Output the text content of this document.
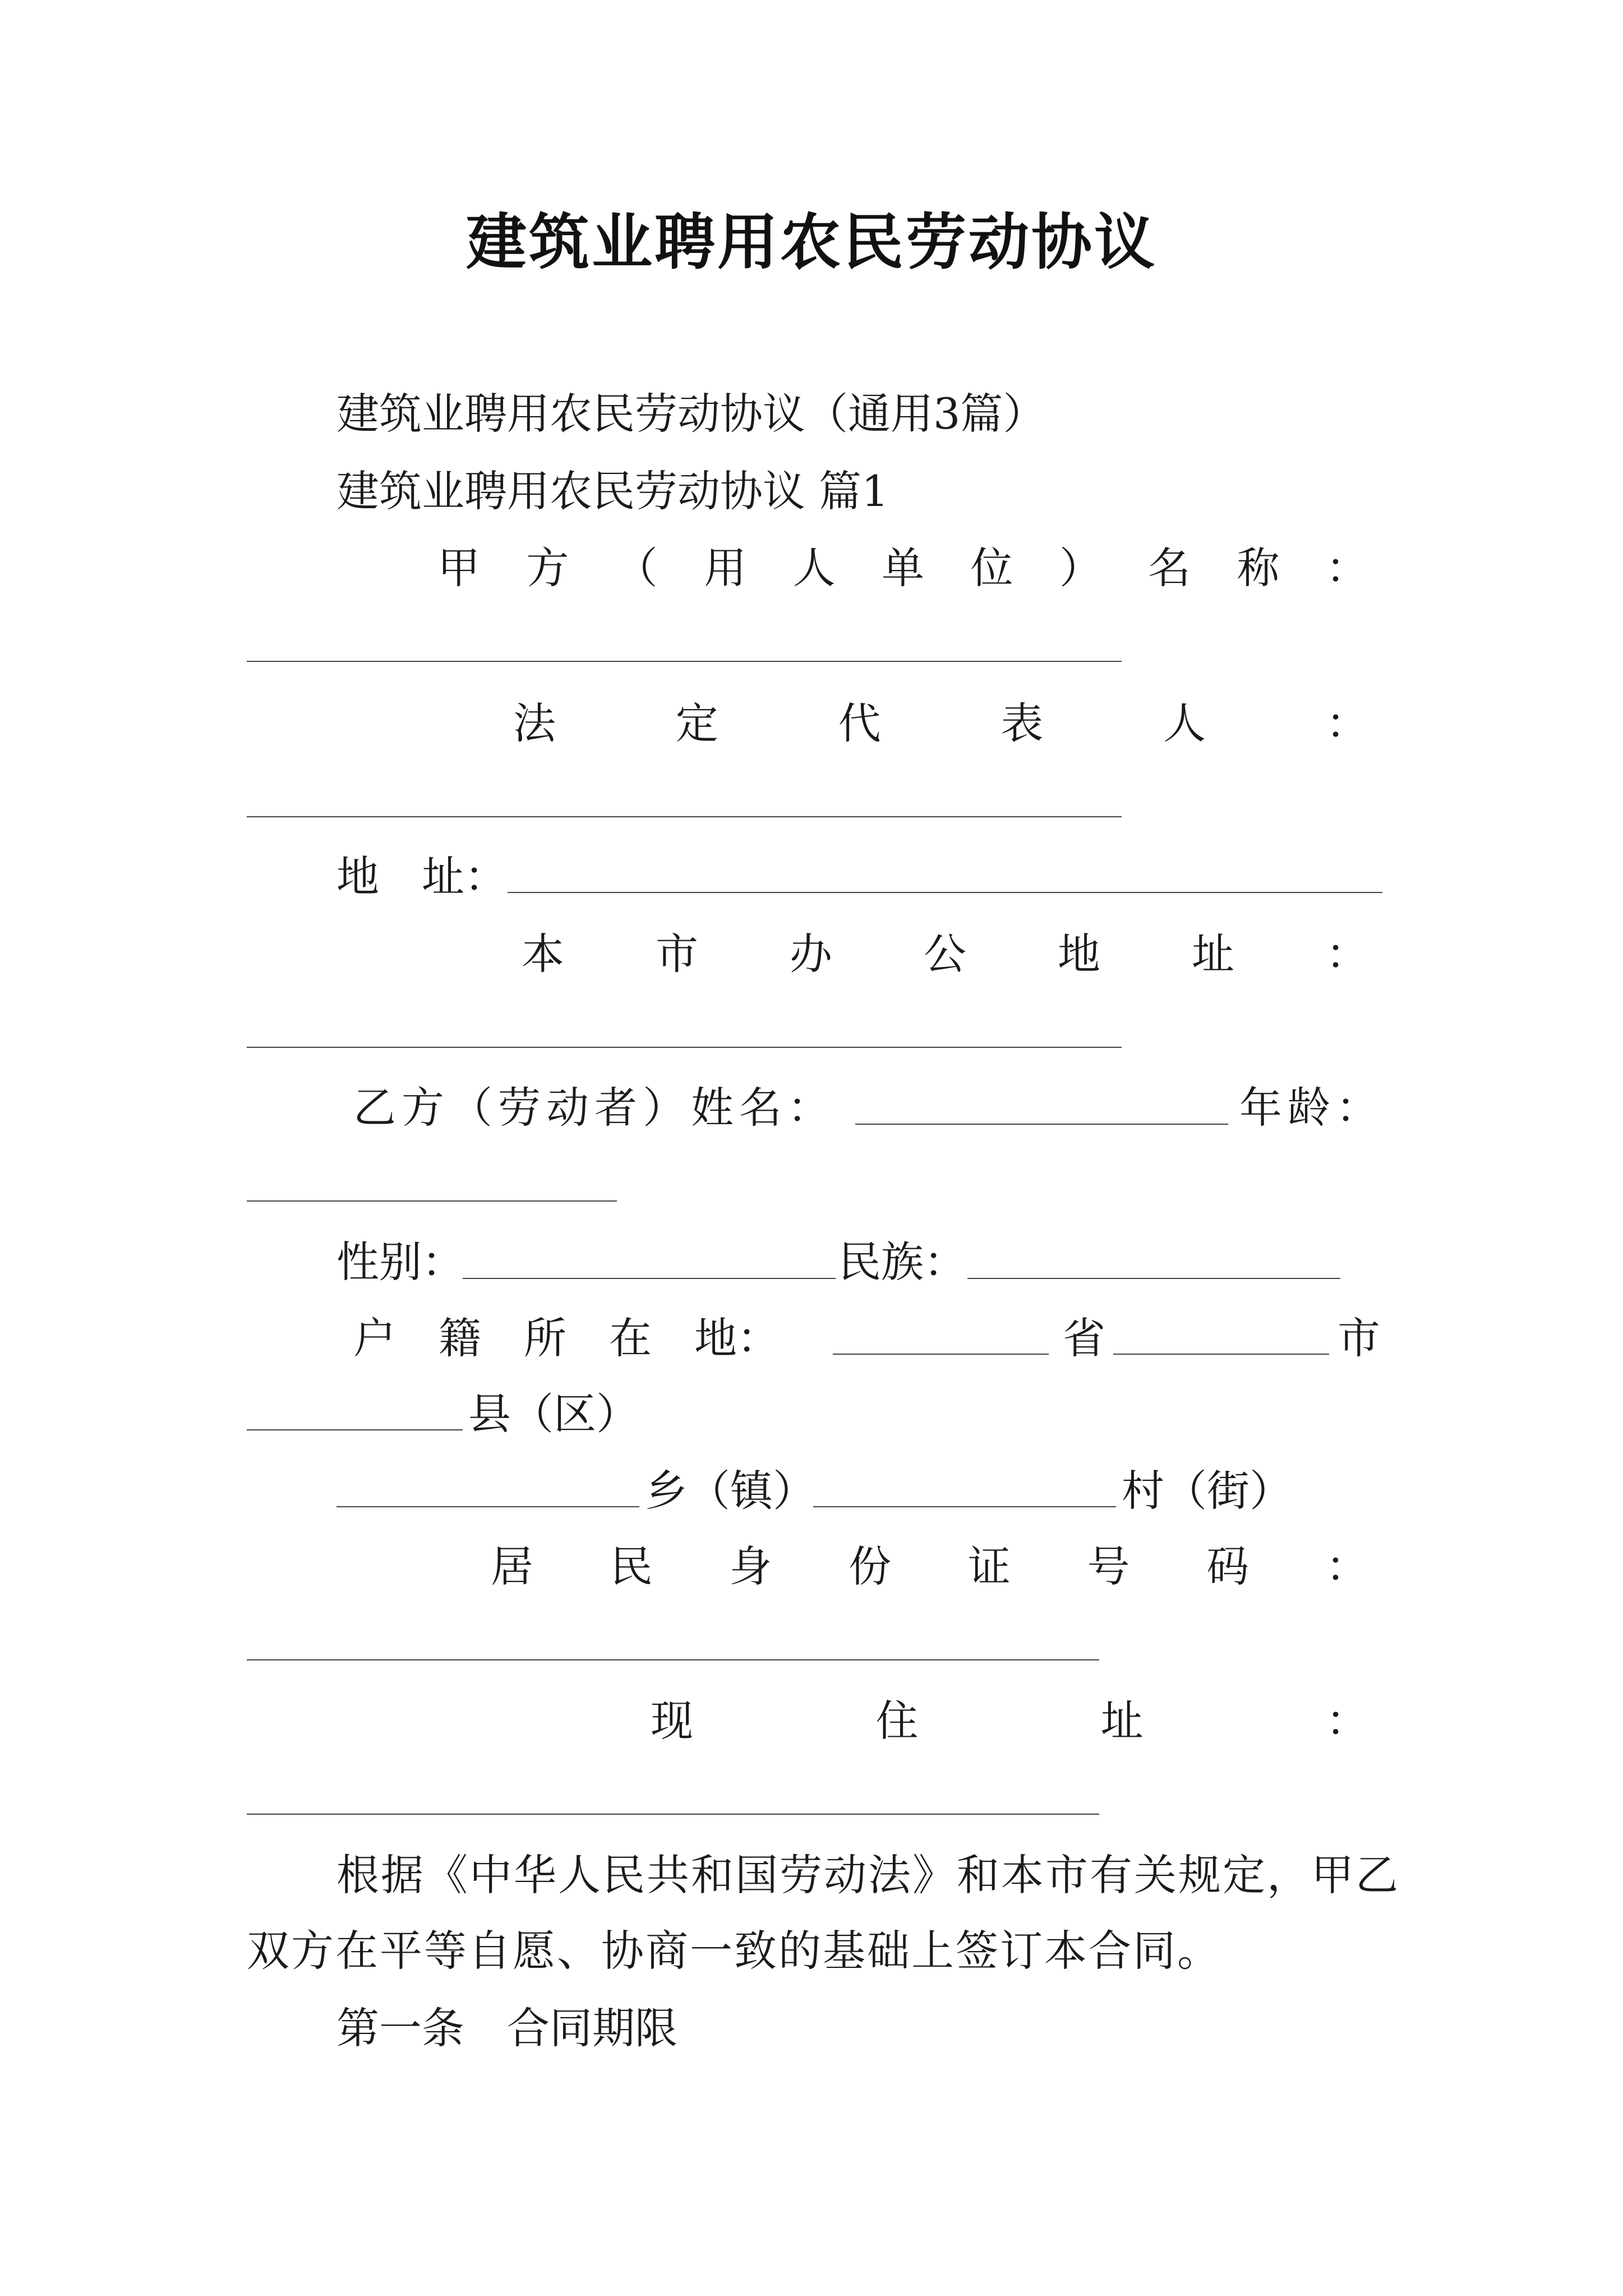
建筑业聘用农民劳动协议
建筑业聘用农民劳动协议（通用3篇）
建筑业聘用农民劳动协议 篇1
甲 方 （ 用 人 单 位 ） 名 称 ：
法	定	代	表	人	：
地　址：
本 市 办 公 地 址 ：
乙方（劳动者）姓名：	年龄：
性别：	民族：
户　籍　所　在　地：	省	市
县（区）
乡（镇）	村（街）
居 民 身 份 证 号 码 ：
现	住	址	：
根据《中华人民共和国劳动法》和本市有关规定，甲乙
双方在平等自愿、协商一致的基础上签订本合同。
第一条　合同期限
